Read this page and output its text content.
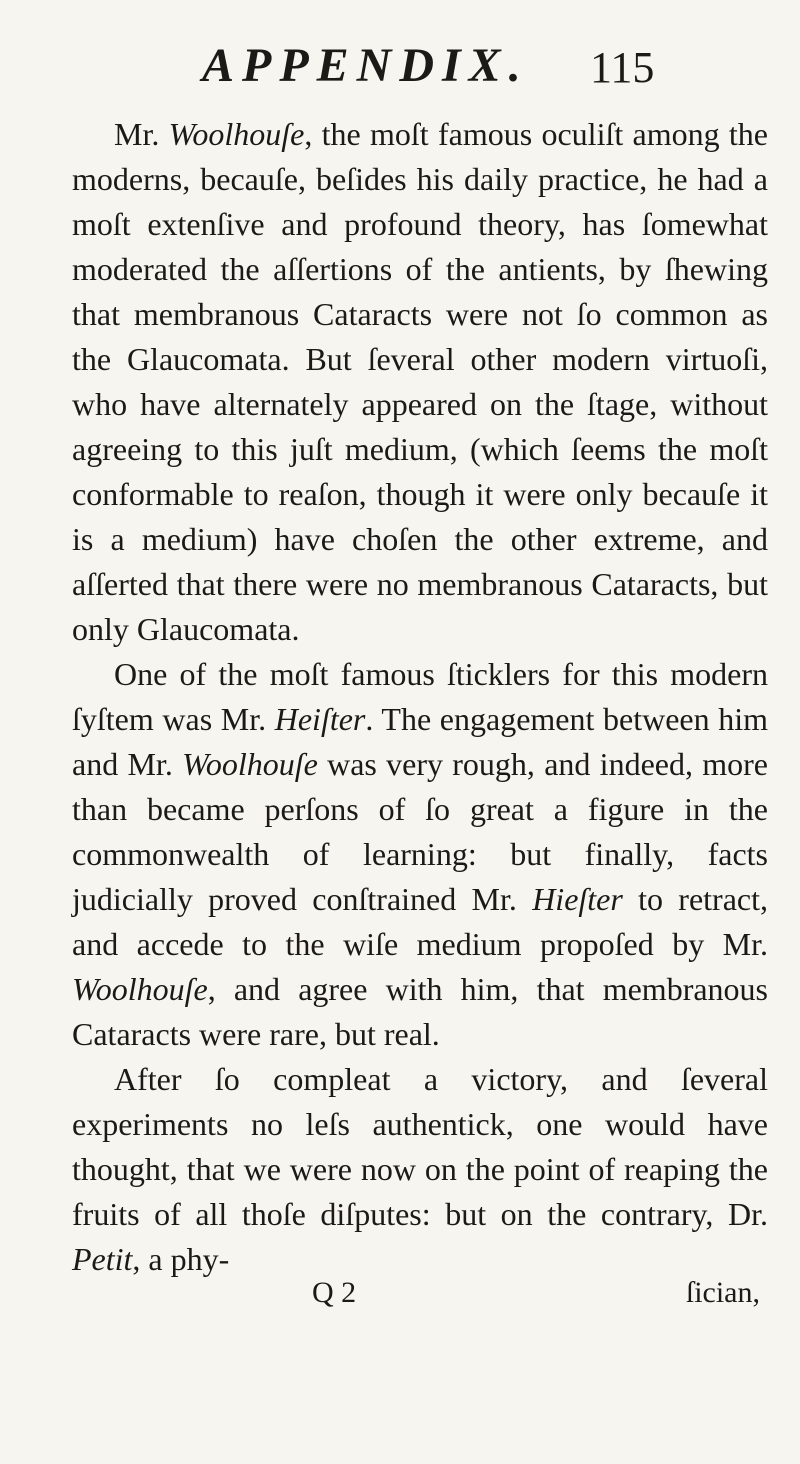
APPENDIX. 115

Mr. Woolhouſe, the moſt famous oculiſt among the moderns, becauſe, beſides his daily practice, he had a moſt extenſive and profound theory, has ſomewhat moderated the aſſertions of the antients, by ſhewing that membranous Cataracts were not ſo common as the Glaucomata. But ſeveral other modern virtuoſi, who have alternately appeared on the ſtage, without agreeing to this juſt medium, (which ſeems the moſt conformable to reaſon, though it were only becauſe it is a medium) have choſen the other extreme, and aſſerted that there were no membranous Cataracts, but only Glaucomata.

One of the moſt famous ſticklers for this modern ſyſtem was Mr. Heiſter. The engagement between him and Mr. Woolhouſe was very rough, and indeed, more than became perſons of ſo great a figure in the commonwealth of learning: but finally, facts judicially proved conſtrained Mr. Hieſter to retract, and accede to the wiſe medium propoſed by Mr. Woolhouſe, and agree with him, that membranous Cataracts were rare, but real.

After ſo compleat a victory, and ſeveral experiments no leſs authentick, one would have thought, that we were now on the point of reaping the fruits of all thoſe diſputes: but on the contrary, Dr. Petit, a phy-

Q 2	ſician,
